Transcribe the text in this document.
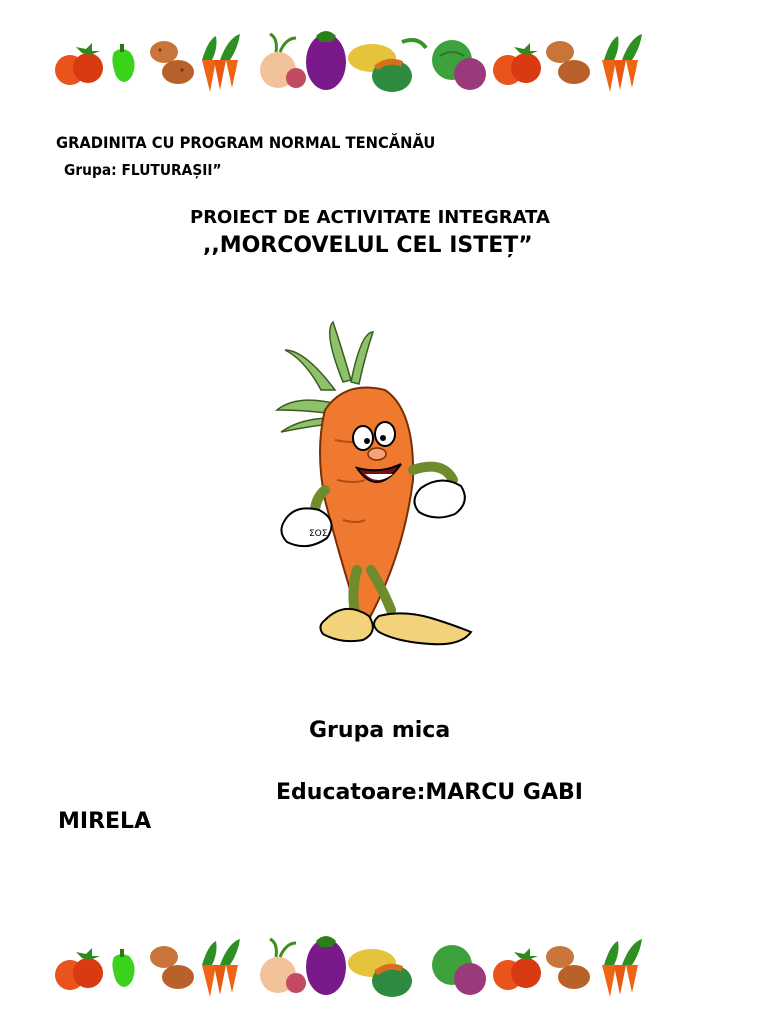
GRADINITA CU PROGRAM NORMAL TENCĂNĂU
Grupa: FLUTURAȘII”
PROIECT DE ACTIVITATE INTEGRATA
,,MORCOVELUL CEL ISTEȚ”
ΣΟΣ
Grupa mica
Educatoare:MARCU GABI
MIRELA
